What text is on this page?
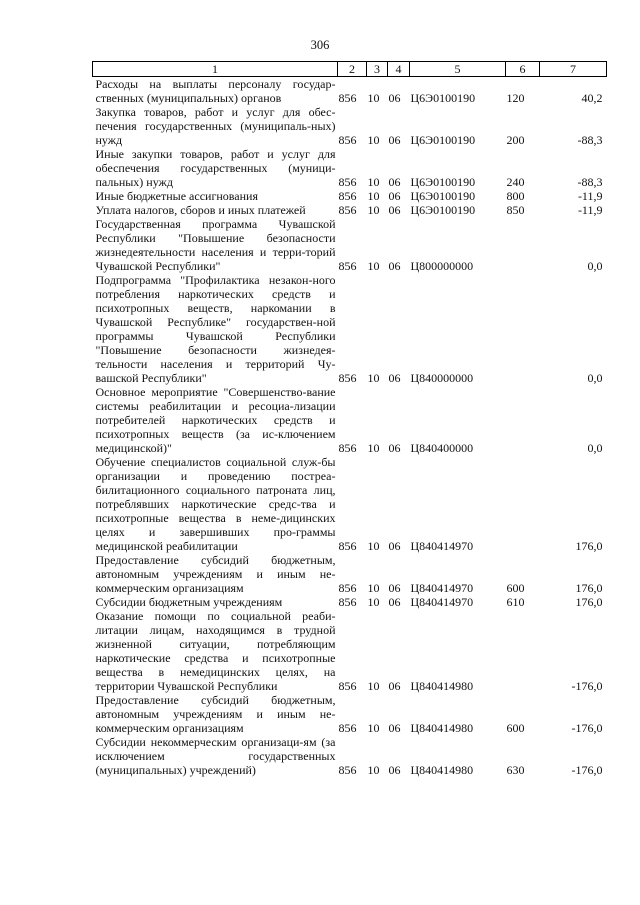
306
1	2	3	4	5	6	7
Расходы на выплаты персоналу государ-ственных (муниципальных) органов	856	10	06	Ц6Э0100190	120	40,2
Закупка товаров, работ и услуг для обес-печения государственных (муниципаль-ных) нужд	856	10	06	Ц6Э0100190	200	-88,3
Иные закупки товаров, работ и услуг для обеспечения государственных (муници-пальных) нужд	856	10	06	Ц6Э0100190	240	-88,3
Иные бюджетные ассигнования	856	10	06	Ц6Э0100190	800	-11,9
Уплата налогов, сборов и иных платежей	856	10	06	Ц6Э0100190	850	-11,9
Государственная программа Чувашской Республики "Повышение безопасности жизнедеятельности населения и терри-торий Чувашской Республики"	856	10	06	Ц800000000		0,0
Подпрограмма "Профилактика незакон-ного потребления наркотических средств и психотропных веществ, наркомании в Чувашской Республике" государствен-ной программы Чувашской Республики "Повышение безопасности жизнедея-тельности населения и территорий Чу-вашской Республики"	856	10	06	Ц840000000		0,0
Основное мероприятие "Совершенство-вание системы реабилитации и ресоциа-лизации потребителей наркотических средств и психотропных веществ (за ис-ключением медицинской)"	856	10	06	Ц840400000		0,0
Обучение специалистов социальной служ-бы организации и проведению постреа-билитационного социального патроната лиц, потреблявших наркотические средс-тва и психотропные вещества в неме-дицинских целях и завершивших про-граммы медицинской реабилитации	856	10	06	Ц840414970		176,0
Предоставление субсидий бюджетным, автономным учреждениям и иным не-коммерческим организациям	856	10	06	Ц840414970	600	176,0
Субсидии бюджетным учреждениям	856	10	06	Ц840414970	610	176,0
Оказание помощи по социальной реаби-литации лицам, находящимся в трудной жизненной ситуации, потребляющим наркотические средства и психотропные вещества в немедицинских целях, на территории Чувашской Республики	856	10	06	Ц840414980		-176,0
Предоставление субсидий бюджетным, автономным учреждениям и иным не-коммерческим организациям	856	10	06	Ц840414980	600	-176,0
Субсидии некоммерческим организаци-ям (за исключением государственных (муниципальных) учреждений)	856	10	06	Ц840414980	630	-176,0
